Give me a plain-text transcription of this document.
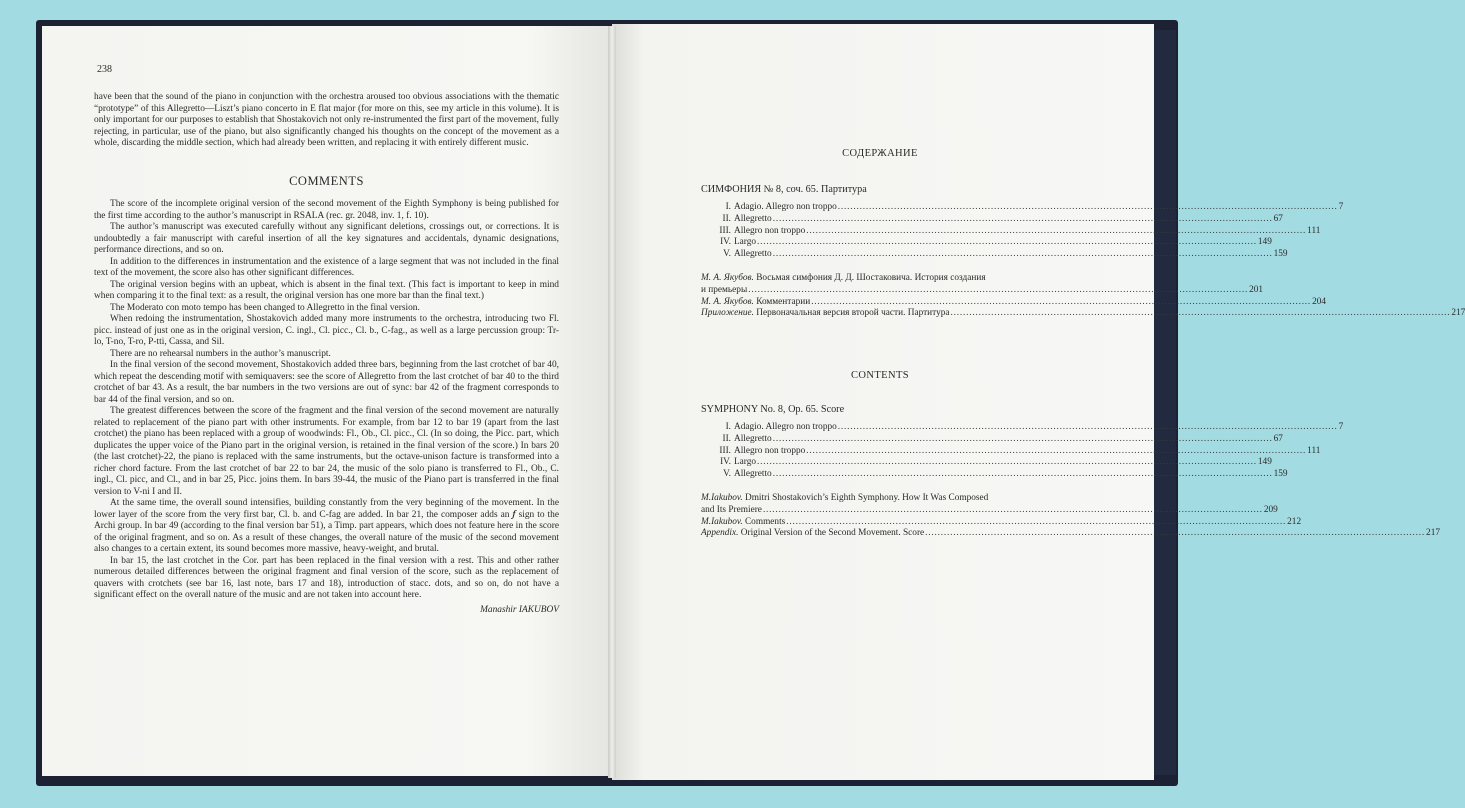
238

have been that the sound of the piano in conjunction with the orchestra aroused too obvious associations with the thematic “prototype” of this Allegretto—Liszt’s piano concerto in E flat major (for more on this, see my article in this volume). It is only important for our purposes to establish that Shostakovich not only re-instrumented the first part of the movement, fully rejecting, in particular, use of the piano, but also significantly changed his thoughts on the concept of the movement as a whole, discarding the middle section, which had already been written, and replacing it with entirely different music.

COMMENTS

The score of the incomplete original version of the second movement of the Eighth Symphony is being published for the first time according to the author’s manuscript in RSALA (rec. gr. 2048, inv. 1, f. 10).

The author’s manuscript was executed carefully without any significant deletions, crossings out, or corrections. It is undoubtedly a fair manuscript with careful insertion of all the key signatures and accidentals, dynamic designations, performance directions, and so on.

In addition to the differences in instrumentation and the existence of a large segment that was not included in the final text of the movement, the score also has other significant differences.

The original version begins with an upbeat, which is absent in the final text. (This fact is important to keep in mind when comparing it to the final text: as a result, the original version has one more bar than the final text.)

The Moderato con moto tempo has been changed to Allegretto in the final version.

When redoing the instrumentation, Shostakovich added many more instruments to the orchestra, introducing two Fl. picc. instead of just one as in the original version, C. ingl., Cl. picc., Cl. b., C-fag., as well as a large percussion group: Tr-lo, T-no, T-ro, P-tti, Cassa, and Sil.

There are no rehearsal numbers in the author’s manuscript.

In the final version of the second movement, Shostakovich added three bars, beginning from the last crotchet of bar 40, which repeat the descending motif with semiquavers: see the score of Allegretto from the last crotchet of bar 40 to the third crotchet of bar 43. As a result, the bar numbers in the two versions are out of sync: bar 42 of the fragment corresponds to bar 44 of the final version, and so on.

The greatest differences between the score of the fragment and the final version of the second movement are naturally related to replacement of the piano part with other instruments. For example, from bar 12 to bar 19 (apart from the last crotchet) the piano has been replaced with a group of woodwinds: Fl., Ob., Cl. picc., Cl. (In so doing, the Picc. part, which duplicates the upper voice of the Piano part in the original version, is retained in the final version of the score.) In bars 20 (the last crotchet)-22, the piano is replaced with the same instruments, but the octave-unison facture is transformed into a richer chord facture. From the last crotchet of bar 22 to bar 24, the music of the solo piano is transferred to Fl., Ob., C. ingl., Cl. picc, and Cl., and in bar 25, Picc. joins them. In bars 39-44, the music of the Piano part is transferred in the final version to V-ni I and II.

At the same time, the overall sound intensifies, building constantly from the very beginning of the movement. In the lower layer of the score from the very first bar, Cl. b. and C-fag are added. In bar 21, the composer adds an 𝆑 sign to the Archi group. In bar 49 (according to the final version bar 51), a Timp. part appears, which does not feature here in the score of the original fragment, and so on. As a result of these changes, the overall nature of the music of the second movement also changes to a certain extent, its sound becomes more massive, heavy-weight, and brutal.

In bar 15, the last crotchet in the Cor. part has been replaced in the final version with a rest. This and other rather numerous detailed differences between the original fragment and final version of the score, such as the replacement of quavers with crotchets (see bar 16, last note, bars 17 and 18), introduction of stacc. dots, and so on, do not have a significant effect on the overall nature of the music and are not taken into account here.

Manashir IAKUBOV
СОДЕРЖАНИЕ
СИМФОНИЯ № 8, соч. 65. Партитура
I. Adagio. Allegro non troppo ................................................................................................................................................................ 7
II. Allegretto ................................................................................................................................................................ 67
III. Allegro non troppo ................................................................................................................................................................ 111
IV. Largo ................................................................................................................................................................ 149
V. Allegretto ................................................................................................................................................................ 159
М. А. Якубов. Восьмая симфония Д. Д. Шостаковича. История создания
и премьеры ................................................................................................................................................................ 201
М. А. Якубов. Комментарии ................................................................................................................................................................ 204
Приложение. Первоначальная версия второй части. Партитура ................................................................................................................................................................ 217
CONTENTS
SYMPHONY No. 8, Op. 65. Score
I. Adagio. Allegro non troppo ................................................................................................................................................................ 7
II. Allegretto ................................................................................................................................................................ 67
III. Allegro non troppo ................................................................................................................................................................ 111
IV. Largo ................................................................................................................................................................ 149
V. Allegretto ................................................................................................................................................................ 159
M.Iakubov. Dmitri Shostakovich’s Eighth Symphony. How It Was Composed
and Its Premiere ................................................................................................................................................................ 209
M.Iakubov. Comments ................................................................................................................................................................ 212
Appendix. Original Version of the Second Movement. Score ................................................................................................................................................................ 217
